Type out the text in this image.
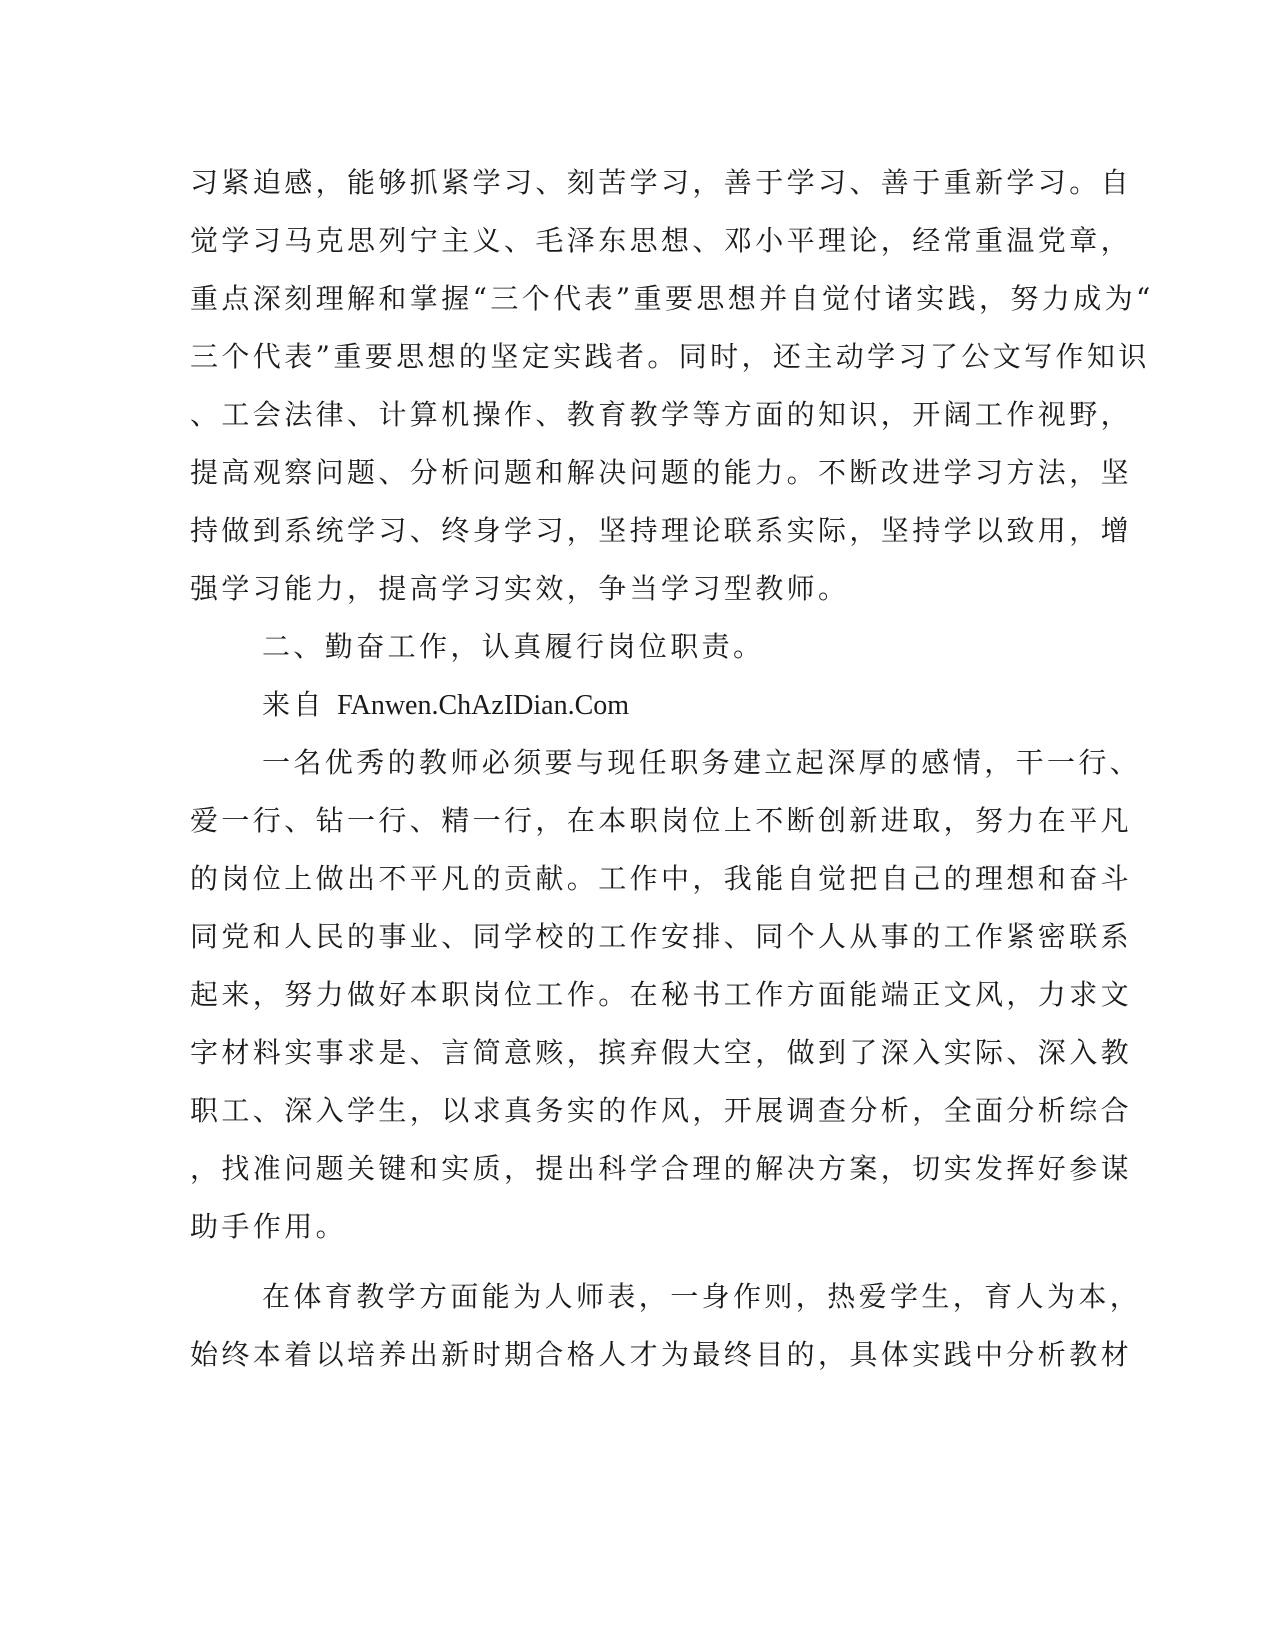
习紧迫感，能够抓紧学习、刻苦学习，善于学习、善于重新学习。自
觉学习马克思列宁主义、毛泽东思想、邓小平理论，经常重温党章，
重点深刻理解和掌握“三个代表”重要思想并自觉付诸实践，努力成为“
三个代表”重要思想的坚定实践者。同时，还主动学习了公文写作知识
、工会法律、计算机操作、教育教学等方面的知识，开阔工作视野，
提高观察问题、分析问题和解决问题的能力。不断改进学习方法，坚
持做到系统学习、终身学习，坚持理论联系实际，坚持学以致用，增
强学习能力，提高学习实效，争当学习型教师。
二、勤奋工作，认真履行岗位职责。
来自 FAnwen.ChAzIDian.Com
一名优秀的教师必须要与现任职务建立起深厚的感情，干一行、
爱一行、钻一行、精一行，在本职岗位上不断创新进取，努力在平凡
的岗位上做出不平凡的贡献。工作中，我能自觉把自己的理想和奋斗
同党和人民的事业、同学校的工作安排、同个人从事的工作紧密联系
起来，努力做好本职岗位工作。在秘书工作方面能端正文风，力求文
字材料实事求是、言简意赅，摈弃假大空，做到了深入实际、深入教
职工、深入学生，以求真务实的作风，开展调查分析，全面分析综合
，找准问题关键和实质，提出科学合理的解决方案，切实发挥好参谋
助手作用。
在体育教学方面能为人师表，一身作则，热爱学生，育人为本，
始终本着以培养出新时期合格人才为最终目的，具体实践中分析教材
